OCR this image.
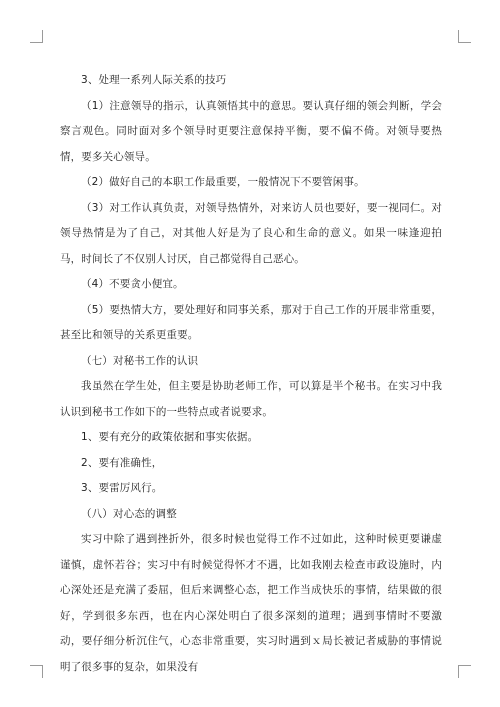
3、处理一系列人际关系的技巧

（1）注意领导的指示，认真领悟其中的意思。要认真仔细的领会判断，学会察言观色。同时面对多个领导时更要注意保持平衡，要不偏不倚。对领导要热情，要多关心领导。

（2）做好自己的本职工作最重要，一般情况下不要管闲事。

（3）对工作认真负责，对领导热情外，对来访人员也要好，要一视同仁。对领导热情是为了自己，对其他人好是为了良心和生命的意义。如果一味逢迎拍马，时间长了不仅别人讨厌，自己都觉得自己恶心。

（4）不要贪小便宜。

（5）要热情大方，要处理好和同事关系，那对于自己工作的开展非常重要，甚至比和领导的关系更重要。

（七）对秘书工作的认识

我虽然在学生处，但主要是协助老师工作，可以算是半个秘书。在实习中我认识到秘书工作如下的一些特点或者说要求。

1、要有充分的政策依据和事实依据。

2、要有准确性，

3、要雷厉风行。

（八）对心态的调整

实习中除了遇到挫折外，很多时候也觉得工作不过如此，这种时候更要谦虚谨慎，虚怀若谷；实习中有时候觉得怀才不遇，比如我刚去检查市政设施时，内心深处还是充满了委屈，但后来调整心态，把工作当成快乐的事情，结果做的很好，学到很多东西，也在内心深处明白了很多深刻的道理；遇到事情时不要激动，要仔细分析沉住气，心态非常重要，实习时遇到ｘ局长被记者威胁的事情说明了很多事的复杂，如果没有
